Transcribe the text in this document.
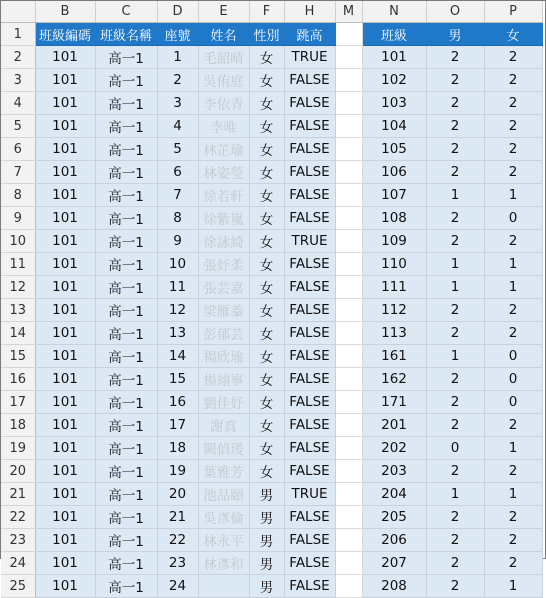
	B	C	D	E	F	H	M	N	O	P
1	班級編碼	班級名稱	座號	姓名	性別	跳高		班級	男	女
2	101	高一1	1	毛韶晴	女	TRUE		101	2	2
3	101	高一1	2	吳侑庭	女	FALSE		102	2	2
4	101	高一1	3	李依青	女	FALSE		103	2	2
5	101	高一1	4	李唯	女	FALSE		104	2	2
6	101	高一1	5	林芷瑜	女	FALSE		105	2	2
7	101	高一1	6	林姿瑩	女	FALSE		106	2	2
8	101	高一1	7	徐若軒	女	FALSE		107	1	1
9	101	高一1	8	徐紫嵐	女	FALSE		108	2	0
10	101	高一1	9	徐詠綺	女	TRUE		109	2	2
11	101	高一1	10	張妤柔	女	FALSE		110	1	1
12	101	高一1	11	張芸嘉	女	FALSE		111	1	1
13	101	高一1	12	梁雁蓁	女	FALSE		112	2	2
14	101	高一1	13	彭郁芸	女	FALSE		113	2	2
15	101	高一1	14	楊欣瑜	女	FALSE		161	1	0
16	101	高一1	15	楊翊寧	女	FALSE		162	2	0
17	101	高一1	16	劉佳妤	女	FALSE		171	2	0
18	101	高一1	17	謝真	女	FALSE		201	2	2
19	101	高一1	18	闕偵瑗	女	FALSE		202	0	1
20	101	高一1	19	葉雅芳	女	FALSE		203	2	2
21	101	高一1	20	池品頤	男	TRUE		204	1	1
22	101	高一1	21	吳彥倫	男	FALSE		205	2	2
23	101	高一1	22	林永平	男	FALSE		206	2	2
24	101	高一1	23	林彥和	男	FALSE		207	2	2
25	101	高一1	24		男	FALSE		208	2	1
